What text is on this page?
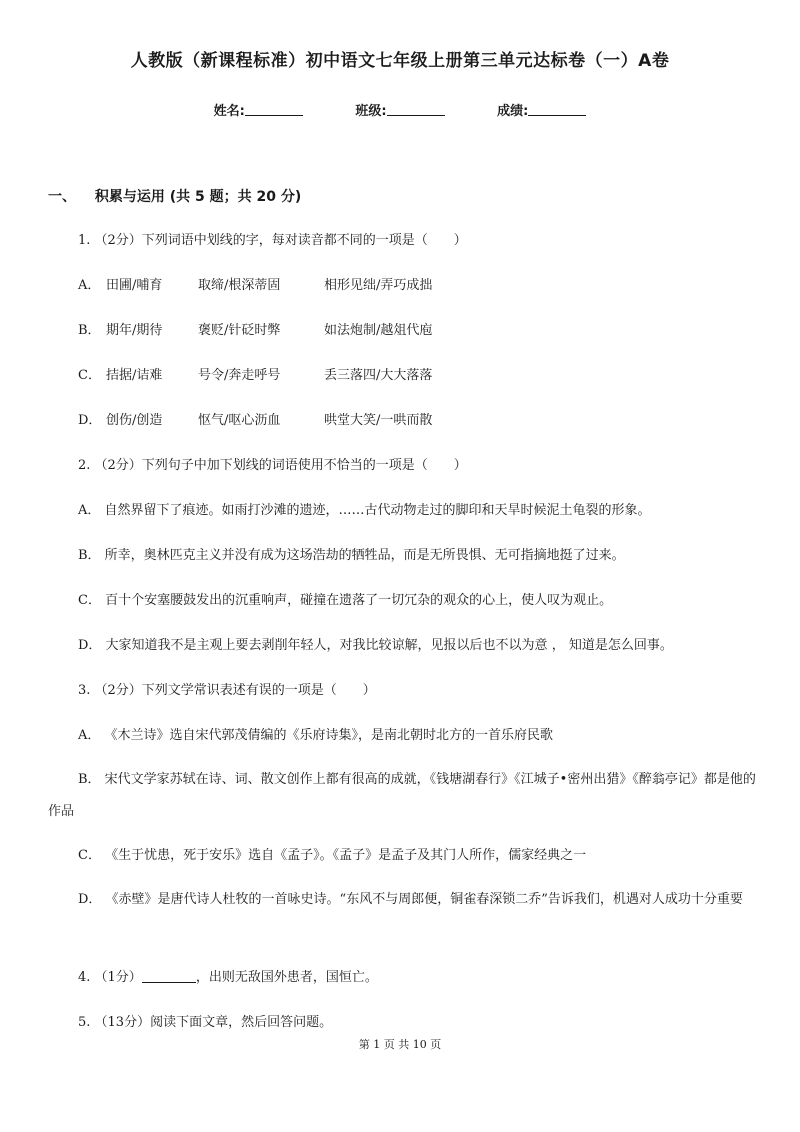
人教版（新课程标准）初中语文七年级上册第三单元达标卷（一）A卷
姓名:	班级:	成绩:
一、 积累与运用 (共 5 题；共 20 分)
1. （2分）下列词语中划线的字，每对读音都不同的一项是（　　）
A． 田圃/哺育	取缔/根深蒂固	相形见绌/弄巧成拙
B． 期年/期待	褒贬/针砭时弊	如法炮制/越俎代庖
C． 拮据/诘难	号令/奔走呼号	丢三落四/大大落落
D． 创伤/创造	怄气/呕心沥血	哄堂大笑/一哄而散
2. （2分）下列句子中加下划线的词语使用不恰当的一项是（　　）
A． 自然界留下了痕迹。如雨打沙滩的遗迹，……古代动物走过的脚印和天旱时候泥土龟裂的形象。
B． 所幸，奥林匹克主义并没有成为这场浩劫的牺牲品，而是无所畏惧、无可指摘地挺了过来。
C． 百十个安塞腰鼓发出的沉重响声，碰撞在遗落了一切冗杂的观众的心上，使人叹为观止。
D． 大家知道我不是主观上要去剥削年轻人，对我比较谅解，见报以后也不以为意 ， 知道是怎么回事。
3. （2分）下列文学常识表述有误的一项是（　　）
A． 《木兰诗》选自宋代郭茂倩编的《乐府诗集》，是南北朝时北方的一首乐府民歌
B． 宋代文学家苏轼在诗、词、散文创作上都有很高的成就，《钱塘湖春行》《江城子•密州出猎》《醉翁亭记》都是他的作品
C． 《生于忧患，死于安乐》选自《孟子》。《孟子》是孟子及其门人所作，儒家经典之一
D． 《赤壁》是唐代诗人杜牧的一首咏史诗。“东风不与周郎便，铜雀春深锁二乔”告诉我们，机遇对人成功十分重要
4. （1分）	，出则无敌国外患者，国恒亡。
5. （13分）阅读下面文章，然后回答问题。
第 1 页 共 10 页
